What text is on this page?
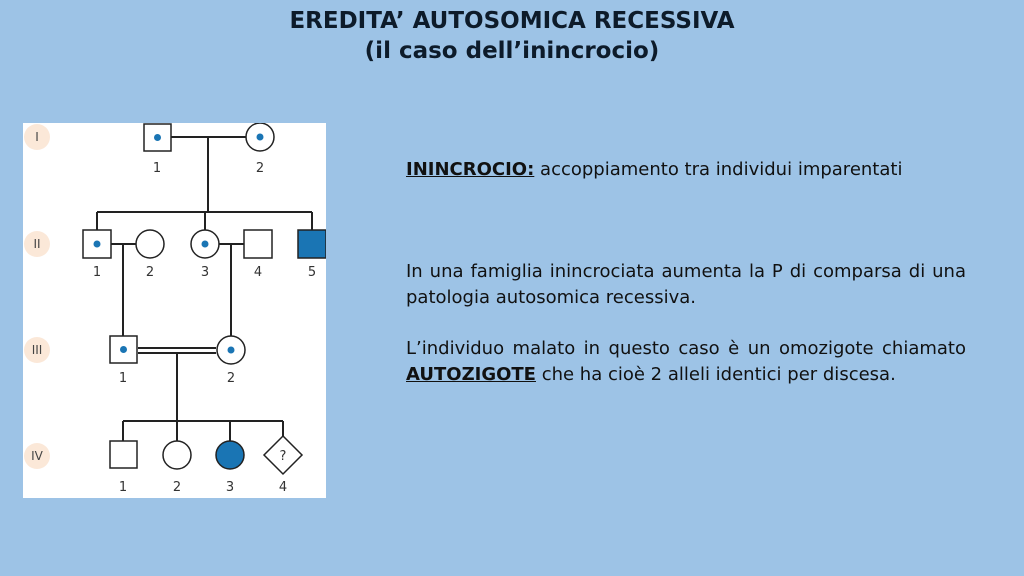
EREDITA’ AUTOSOMICA RECESSIVA
(il caso dell’inincrocio)
I
II
III
IV
1	2
1	2	3	4	5
1	2
?
1	2	3	4
ININCROCIO: accoppiamento tra individui imparentati
In una famiglia inincrociata aumenta la P di comparsa di una patologia autosomica recessiva.
L’individuo malato in questo caso è un omozigote chiamato AUTOZIGOTE che ha cioè 2 alleli identici per discesa.
